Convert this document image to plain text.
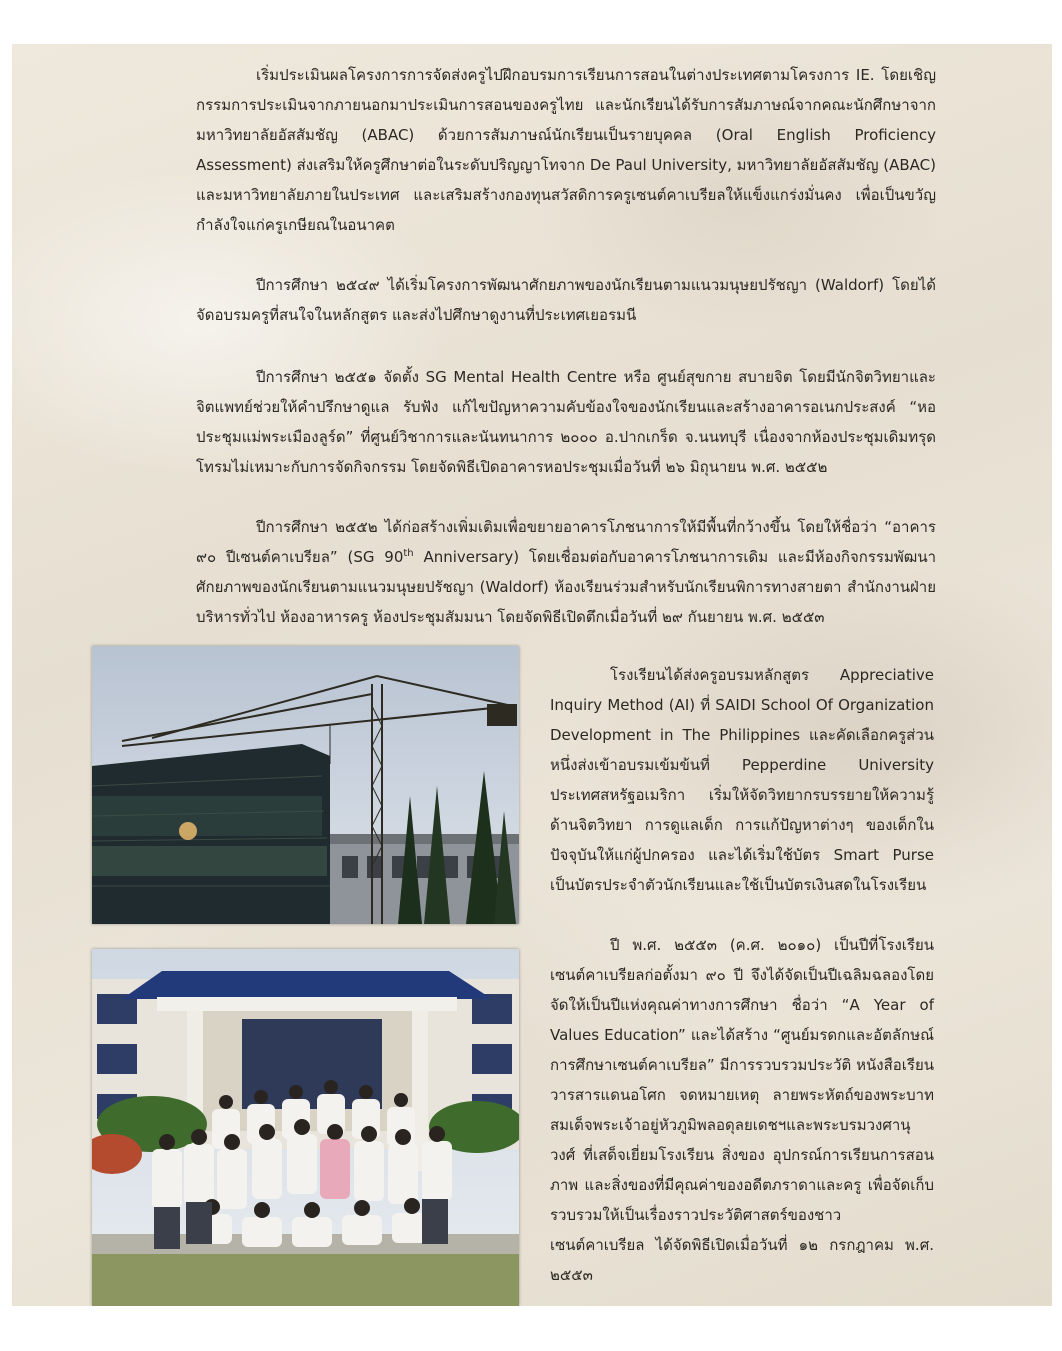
เริ่มประเมินผลโครงการการจัดส่งครูไปฝึกอบรมการเรียนการสอนในต่างประเทศตามโครงการ IE. โดยเชิญกรรมการประเมินจากภายนอกมาประเมินการสอนของครูไทย และนักเรียนได้รับการสัมภาษณ์จากคณะนักศึกษาจากมหาวิทยาลัยอัสสัมชัญ (ABAC) ด้วยการสัมภาษณ์นักเรียนเป็นรายบุคคล (Oral English Proficiency Assessment) ส่งเสริมให้ครูศึกษาต่อในระดับปริญญาโทจาก De Paul University, มหาวิทยาลัยอัสสัมชัญ (ABAC) และมหาวิทยาลัยภายในประเทศ และเสริมสร้างกองทุนสวัสดิการครูเซนต์คาเบรียลให้แข็งแกร่งมั่นคง เพื่อเป็นขวัญกำลังใจแก่ครูเกษียณในอนาคต

ปีการศึกษา ๒๕๔๙ ได้เริ่มโครงการพัฒนาศักยภาพของนักเรียนตามแนวมนุษยปรัชญา (Waldorf) โดยได้จัดอบรมครูที่สนใจในหลักสูตร และส่งไปศึกษาดูงานที่ประเทศเยอรมนี

ปีการศึกษา ๒๕๕๑ จัดตั้ง SG Mental Health Centre หรือ ศูนย์สุขกาย สบายจิต โดยมีนักจิตวิทยาและจิตแพทย์ช่วยให้คำปรึกษาดูแล รับฟัง แก้ไขปัญหาความคับข้องใจของนักเรียนและสร้างอาคารอเนกประสงค์ “หอประชุมแม่พระเมืองลูร์ด” ที่ศูนย์วิชาการและนันทนาการ ๒๐๐๐ อ.ปากเกร็ด จ.นนทบุรี เนื่องจากห้องประชุมเดิมทรุดโทรมไม่เหมาะกับการจัดกิจกรรม โดยจัดพิธีเปิดอาคารหอประชุมเมื่อวันที่ ๒๖ มิถุนายน พ.ศ. ๒๕๕๒

ปีการศึกษา ๒๕๕๒ ได้ก่อสร้างเพิ่มเติมเพื่อขยายอาคารโภชนาการให้มีพื้นที่กว้างขึ้น โดยให้ชื่อว่า “อาคาร ๙๐ ปีเซนต์คาเบรียล” (SG 90th Anniversary) โดยเชื่อมต่อกับอาคารโภชนาการเดิม และมีห้องกิจกรรมพัฒนาศักยภาพของนักเรียนตามแนวมนุษยปรัชญา (Waldorf) ห้องเรียนร่วมสำหรับนักเรียนพิการทางสายตา สำนักงานฝ่ายบริหารทั่วไป ห้องอาหารครู ห้องประชุมสัมมนา โดยจัดพิธีเปิดตึกเมื่อวันที่ ๒๙ กันยายน พ.ศ. ๒๕๕๓

โรงเรียนได้ส่งครูอบรมหลักสูตร Appreciative Inquiry Method (AI) ที่ SAIDI School Of Organization Development in The Philippines และคัดเลือกครูส่วนหนึ่งส่งเข้าอบรมเข้มข้นที่ Pepperdine University ประเทศสหรัฐอเมริกา เริ่มให้จัดวิทยากรบรรยายให้ความรู้ด้านจิตวิทยา การดูแลเด็ก การแก้ปัญหาต่างๆ ของเด็กในปัจจุบันให้แก่ผู้ปกครอง และได้เริ่มใช้บัตร Smart Purse เป็นบัตรประจำตัวนักเรียนและใช้เป็นบัตรเงินสดในโรงเรียน

ปี พ.ศ. ๒๕๕๓ (ค.ศ. ๒๐๑๐) เป็นปีที่โรงเรียนเซนต์คาเบรียลก่อตั้งมา ๙๐ ปี จึงได้จัดเป็นปีเฉลิมฉลองโดยจัดให้เป็นปีแห่งคุณค่าทางการศึกษา ชื่อว่า “A Year of Values Education” และได้สร้าง “ศูนย์มรดกและอัตลักษณ์การศึกษาเซนต์คาเบรียล” มีการรวบรวมประวัติ หนังสือเรียน วารสารแดนอโศก จดหมายเหตุ ลายพระหัตถ์ของพระบาทสมเด็จพระเจ้าอยู่หัวภูมิพลอดุลยเดชฯและพระบรมวงศานุวงศ์ ที่เสด็จเยี่ยมโรงเรียน สิ่งของ อุปกรณ์การเรียนการสอน ภาพ และสิ่งของที่มีคุณค่าของอดีตภราดาและครู เพื่อจัดเก็บรวบรวมให้เป็นเรื่องราวประวัติศาสตร์ของชาวเซนต์คาเบรียล ได้จัดพิธีเปิดเมื่อวันที่ ๑๒ กรกฎาคม พ.ศ. ๒๕๕๓
